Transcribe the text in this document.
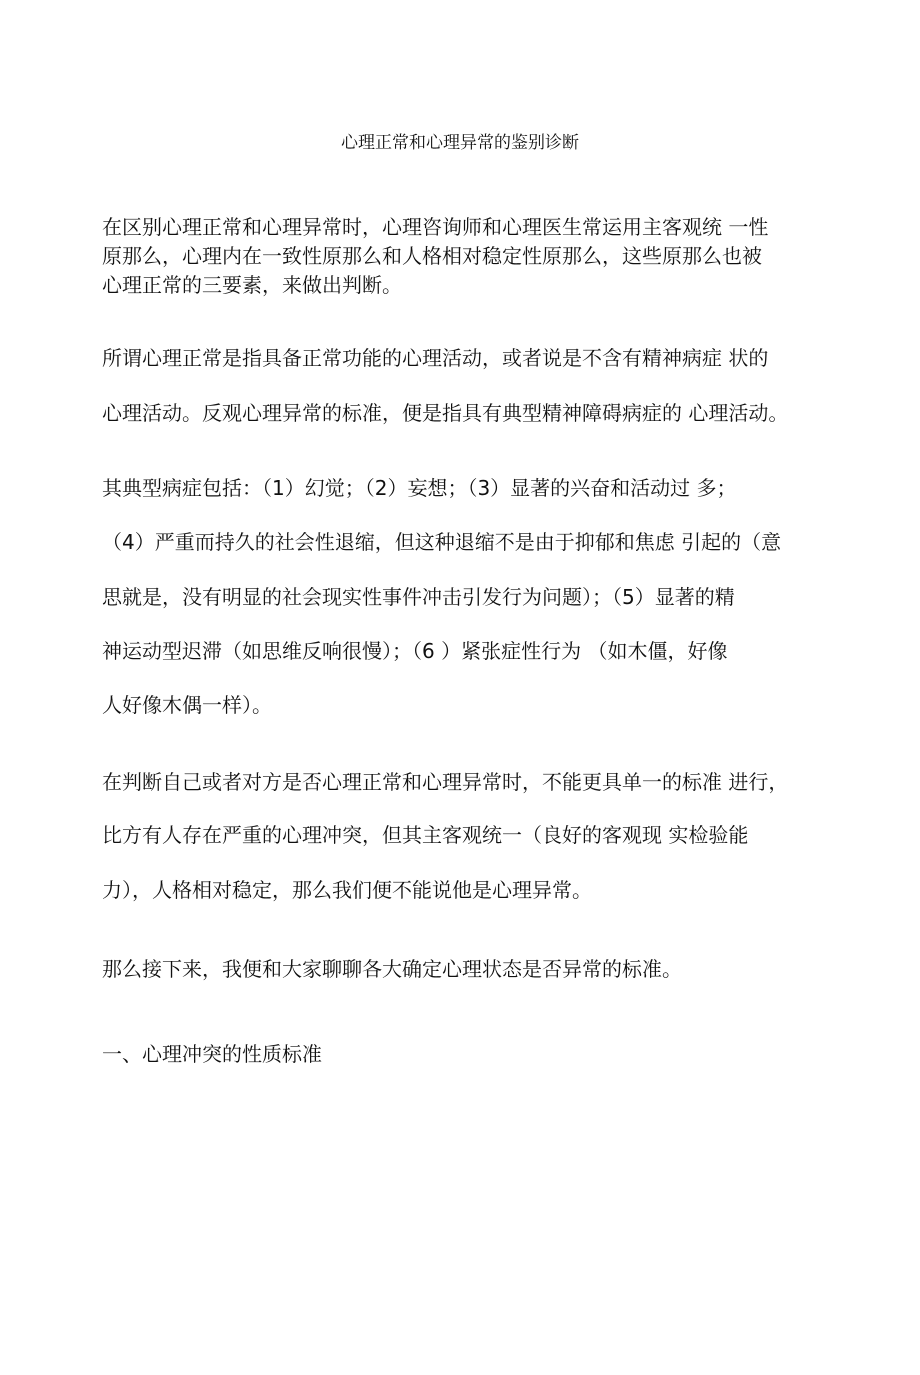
心理正常和心理异常的鉴别诊断
在区别心理正常和心理异常时，心理咨询师和心理医生常运用主客观统 一性
原那么，心理内在一致性原那么和人格相对稳定性原那么，这些原那么也被
心理正常的三要素，来做出判断。
所谓心理正常是指具备正常功能的心理活动，或者说是不含有精神病症 状的
心理活动。反观心理异常的标准，便是指具有典型精神障碍病症的 心理活动。
其典型病症包括：（1）幻觉；（2）妄想；（3）显著的兴奋和活动过 多；
（4）严重而持久的社会性退缩，但这种退缩不是由于抑郁和焦虑 引起的（意
思就是，没有明显的社会现实性事件冲击引发行为问题）；（5）显著的精
神运动型迟滞（如思维反响很慢）；（6 ）紧张症性行为 （如木僵，好像
人好像木偶一样）。
在判断自己或者对方是否心理正常和心理异常时，不能更具单一的标准 进行，
比方有人存在严重的心理冲突，但其主客观统一（良好的客观现 实检验能
力），人格相对稳定，那么我们便不能说他是心理异常。
那么接下来，我便和大家聊聊各大确定心理状态是否异常的标准。
一、心理冲突的性质标准
